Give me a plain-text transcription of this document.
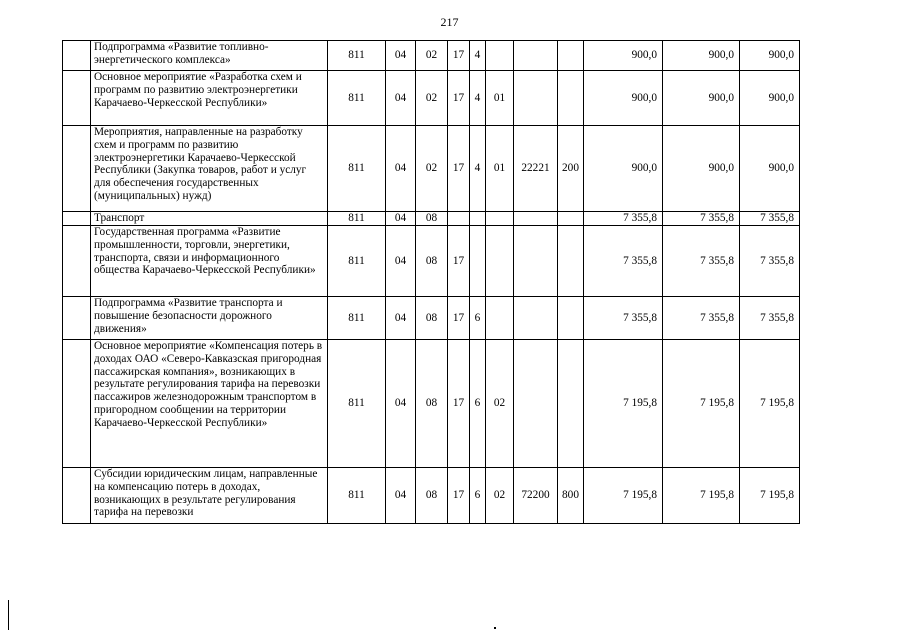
217
	Подпрограмма «Развитие топливно-энергетического комплекса»	811	04	02	17	4				900,0	900,0	900,0
	Основное мероприятие «Разработка схем и программ по развитию электроэнергетики Карачаево-Черкесской Республики»	811	04	02	17	4	01			900,0	900,0	900,0
	Мероприятия, направленные на разработку схем и программ по развитию электроэнергетики Карачаево-Черкесской Республики (Закупка товаров, работ и услуг для обеспечения государственных (муниципальных) нужд)	811	04	02	17	4	01	22221	200	900,0	900,0	900,0
	Транспорт	811	04	08						7 355,8	7 355,8	7 355,8
	Государственная программа «Развитие промышленности, торговли, энергетики, транспорта, связи и информационного общества Карачаево-Черкесской Республики»	811	04	08	17					7 355,8	7 355,8	7 355,8
	Подпрограмма «Развитие транспорта и повышение безопасности дорожного движения»	811	04	08	17	6				7 355,8	7 355,8	7 355,8
	Основное мероприятие «Компенсация потерь в доходах ОАО «Северо-Кавказская пригородная пассажирская компания», возникающих в результате регулирования тарифа на перевозки пассажиров железнодорожным транспортом в пригородном сообщении на территории Карачаево-Черкесской Республики»	811	04	08	17	6	02			7 195,8	7 195,8	7 195,8
	Субсидии юридическим лицам, направленные на компенсацию потерь в доходах, возникающих в результате регулирования тарифа на перевозки	811	04	08	17	6	02	72200	800	7 195,8	7 195,8	7 195,8
